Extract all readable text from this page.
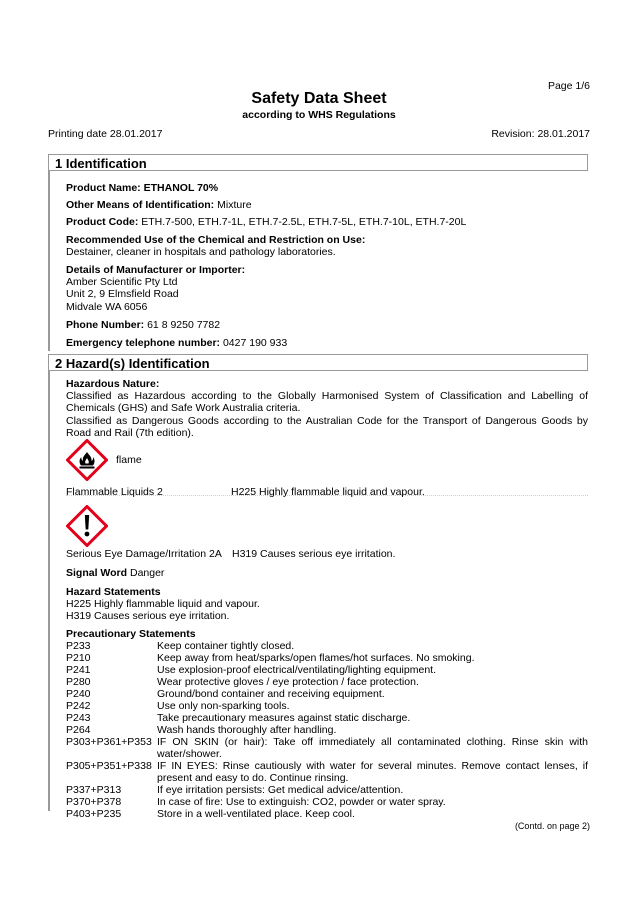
Page 1/6
Safety Data Sheet
according to WHS Regulations
Printing date 28.01.2017	Revision: 28.01.2017
1 Identification
Product Name: ETHANOL 70%
Other Means of Identification: Mixture
Product Code: ETH.7-500, ETH.7-1L, ETH.7-2.5L, ETH.7-5L, ETH.7-10L, ETH.7-20L
Recommended Use of the Chemical and Restriction on Use:
Destainer, cleaner in hospitals and pathology laboratories.
Details of Manufacturer or Importer:
Amber Scientific Pty Ltd
Unit 2, 9 Elmsfield Road
Midvale WA 6056
Phone Number: 61 8 9250 7782
Emergency telephone number: 0427 190 933
2 Hazard(s) Identification
Hazardous Nature:
Classified as Hazardous according to the Globally Harmonised System of Classification and Labelling of Chemicals (GHS) and Safe Work Australia criteria.
Classified as Dangerous Goods according to the Australian Code for the Transport of Dangerous Goods by Road and Rail (7th edition).
flame
Flammable Liquids 2	H225 Highly flammable liquid and vapour.
Serious Eye Damage/Irritation 2A H319 Causes serious eye irritation.
Signal Word Danger
Hazard Statements
H225 Highly flammable liquid and vapour.
H319 Causes serious eye irritation.
Precautionary Statements
P233	Keep container tightly closed.
P210	Keep away from heat/sparks/open flames/hot surfaces. No smoking.
P241	Use explosion-proof electrical/ventilating/lighting equipment.
P280	Wear protective gloves / eye protection / face protection.
P240	Ground/bond container and receiving equipment.
P242	Use only non-sparking tools.
P243	Take precautionary measures against static discharge.
P264	Wash hands thoroughly after handling.
P303+P361+P353 IF ON SKIN (or hair): Take off immediately all contaminated clothing. Rinse skin with water/shower.
P305+P351+P338 IF IN EYES: Rinse cautiously with water for several minutes. Remove contact lenses, if present and easy to do. Continue rinsing.
P337+P313	If eye irritation persists: Get medical advice/attention.
P370+P378	In case of fire: Use to extinguish: CO2, powder or water spray.
P403+P235	Store in a well-ventilated place. Keep cool.
(Contd. on page 2)
